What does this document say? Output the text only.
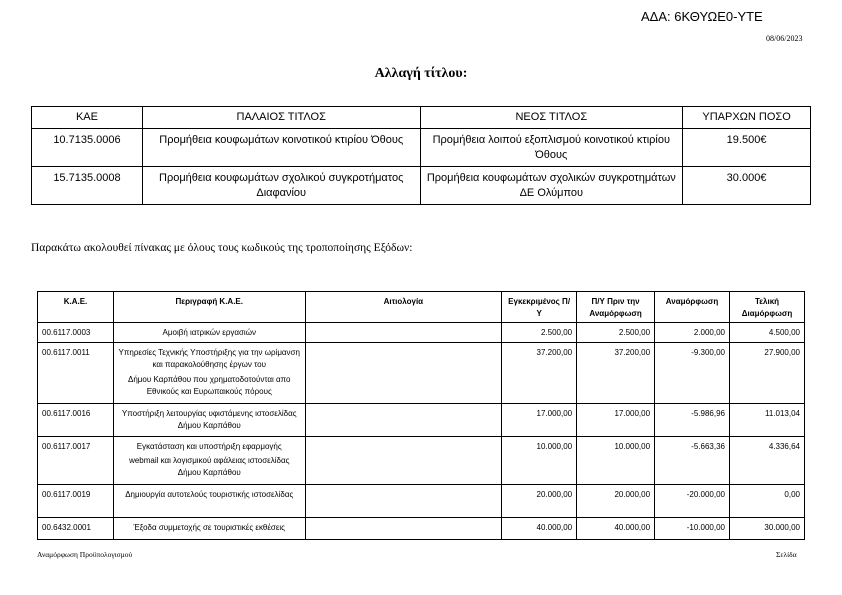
ΑΔΑ: 6ΚΘΥΩΕ0-ΥΤΕ
08/06/2023
Αλλαγή τίτλου:
ΚΑΕ	ΠΑΛΑΙΟΣ ΤΙΤΛΟΣ	ΝΕΟΣ ΤΙΤΛΟΣ	ΥΠΑΡΧΩΝ ΠΟΣΟ
10.7135.0006	Προμήθεια κουφωμάτων κοινοτικού κτιρίου Όθους	Προμήθεια λοιπού εξοπλισμού κοινοτικού κτιρίου Όθους	19.500€
15.7135.0008	Προμήθεια κουφωμάτων σχολικού συγκροτήματος Διαφανίου	Προμήθεια κουφωμάτων σχολικών συγκροτημάτων ΔΕ Ολύμπου	30.000€
Παρακάτω ακολουθεί πίνακας με όλους τους κωδικούς της τροποποίησης Εξόδων:
Κ.Α.Ε.	Περιγραφή Κ.Α.Ε.	Αιτιολογία	Εγκεκριμένος Π/Υ	Π/Υ Πριν την Αναμόρφωση	Αναμόρφωση	Τελική Διαμόρφωση
00.6117.0003	Αμοιβή ιατρικών εργασιών		2.500,00	2.500,00	2.000,00	4.500,00
00.6117.0011	Υπηρεσίες Τεχνικής Υποστήριξης για την ωρίμανση και παρακολούθησης έργων του
Δήμου Καρπάθου που χρηματοδοτούνται απο Εθνικούς και Ευρωπαικούς πόρους		37.200,00	37.200,00	-9.300,00	27.900,00
00.6117.0016	Υποστήριξη λειτουργίας υφιστάμενης ιστοσελίδας Δήμου Καρπάθου		17.000,00	17.000,00	-5.986,96	11.013,04
00.6117.0017	Εγκατάσταση και υποστήριξη εφαρμογής
webmail και λογισμικού αφάλειας ιστοσελίδας Δήμου Καρπάθου		10.000,00	10.000,00	-5.663,36	4.336,64
00.6117.0019	Δημιουργία αυτοτελούς τουριστικής ιστοσελίδας		20.000,00	20.000,00	-20.000,00	0,00
00.6432.0001	Έξοδα συμμετοχής σε τουριστικές εκθέσεις		40.000,00	40.000,00	-10.000,00	30.000,00
Αναμόρφωση Προϋπολογισμού	Σελίδα
